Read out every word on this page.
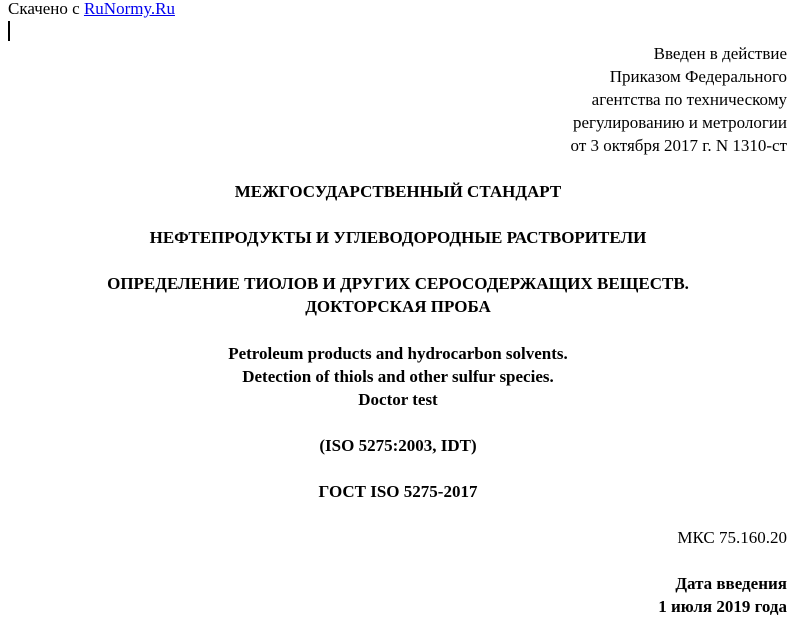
Скачено с RuNormy.Ru
Введен в действие
Приказом Федерального
агентства по техническому
регулированию и метрологии
от 3 октября 2017 г. N 1310-ст
МЕЖГОСУДАРСТВЕННЫЙ СТАНДАРТ
НЕФТЕПРОДУКТЫ И УГЛЕВОДОРОДНЫЕ РАСТВОРИТЕЛИ
ОПРЕДЕЛЕНИЕ ТИОЛОВ И ДРУГИХ СЕРОСОДЕРЖАЩИХ ВЕЩЕСТВ.
ДОКТОРСКАЯ ПРОБА
Petroleum products and hydrocarbon solvents.
Detection of thiols and other sulfur species.
Doctor test
(ISO 5275:2003, IDT)
ГОСТ ISO 5275-2017
МКС 75.160.20
Дата введения
1 июля 2019 года
